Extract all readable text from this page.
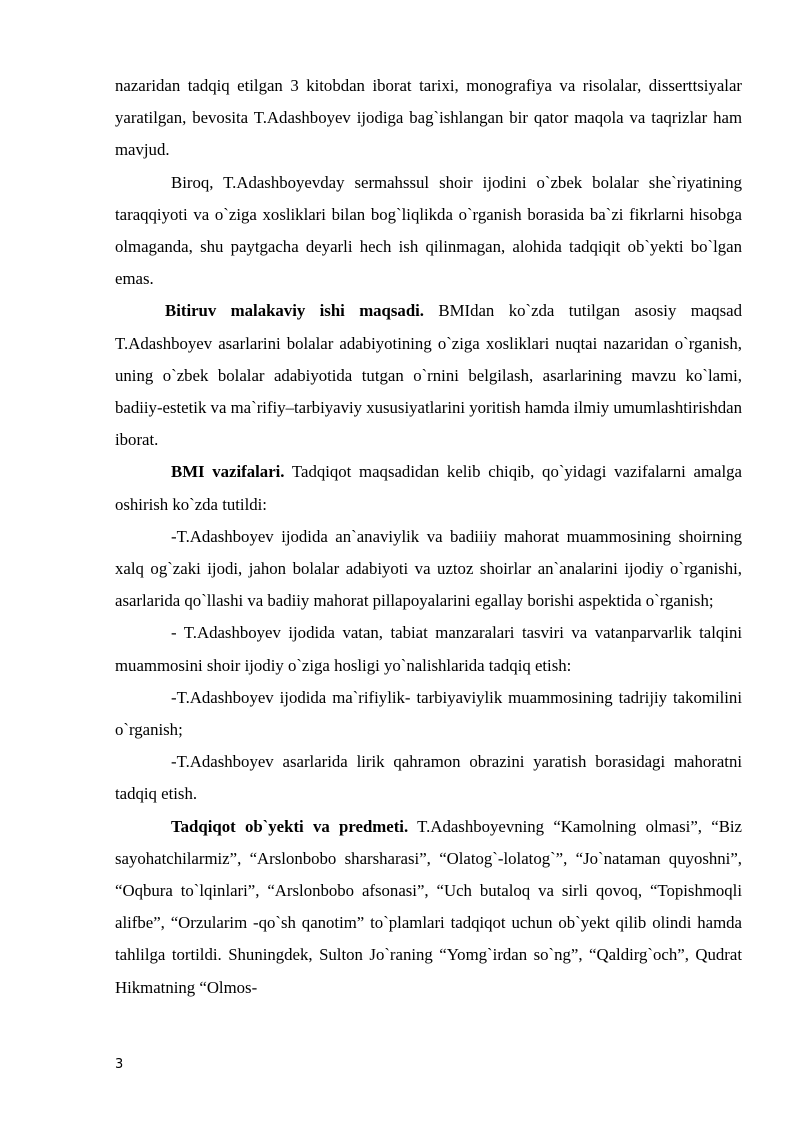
nazaridan tadqiq etilgan 3 kitobdan iborat tarixi, monografiya va risolalar, disserttsiyalar yaratilgan, bevosita T.Adashboyev ijodiga bag`ishlangan bir qator maqola va taqrizlar ham mavjud.

Biroq, T.Adashboyevday sermahssul shoir ijodini o`zbek bolalar she`riyatining taraqqiyoti va o`ziga xosliklari bilan bog`liqlikda o`rganish borasida ba`zi fikrlarni hisobga olmaganda, shu paytgacha deyarli hech ish qilinmagan, alohida tadqiqit ob`yekti bo`lgan emas.

Bitiruv malakaviy ishi maqsadi. BMIdan ko`zda tutilgan asosiy maqsad T.Adashboyev asarlarini bolalar adabiyotining o`ziga xosliklari nuqtai nazaridan o`rganish, uning o`zbek bolalar adabiyotida tutgan o`rnini belgilash, asarlarining mavzu ko`lami, badiiy-estetik va ma`rifiy–tarbiyaviy xususiyatlarini yoritish hamda ilmiy umumlashtirishdan iborat.

BMI vazifalari. Tadqiqot maqsadidan kelib chiqib, qo`yidagi vazifalarni amalga oshirish ko`zda tutildi:

-T.Adashboyev ijodida an`anaviylik va badiiiy mahorat muammosining shoirning xalq og`zaki ijodi, jahon bolalar adabiyoti va uztoz shoirlar an`analarini ijodiy o`rganishi, asarlarida qo`llashi va badiiy mahorat pillapoyalarini egallay borishi aspektida o`rganish;

- T.Adashboyev ijodida vatan, tabiat manzaralari tasviri va vatanparvarlik talqini muammosini shoir ijodiy o`ziga hosligi yo`nalishlarida tadqiq etish:

-T.Adashboyev ijodida ma`rifiylik- tarbiyaviylik muammosining tadrijiy takomilini o`rganish;

-T.Adashboyev asarlarida lirik qahramon obrazini yaratish borasidagi mahoratni tadqiq etish.

Tadqiqot ob`yekti va predmeti. T.Adashboyevning “Kamolning olmasi”, “Biz sayohatchilarmiz”, “Arslonbobo sharsharasi”, “Olatog`-lolatog`”, “Jo`nataman quyoshni”, “Oqbura to`lqinlari”, “Arslonbobo afsonasi”, “Uch butaloq va sirli qovoq, “Topishmoqli alifbe”, “Orzularim -qo`sh qanotim” to`plamlari tadqiqot uchun ob`yekt qilib olindi hamda tahlilga tortildi. Shuningdek, Sulton Jo`raning “Yomg`irdan so`ng”, “Qaldirg`och”, Qudrat Hikmatning “Olmos-

3
